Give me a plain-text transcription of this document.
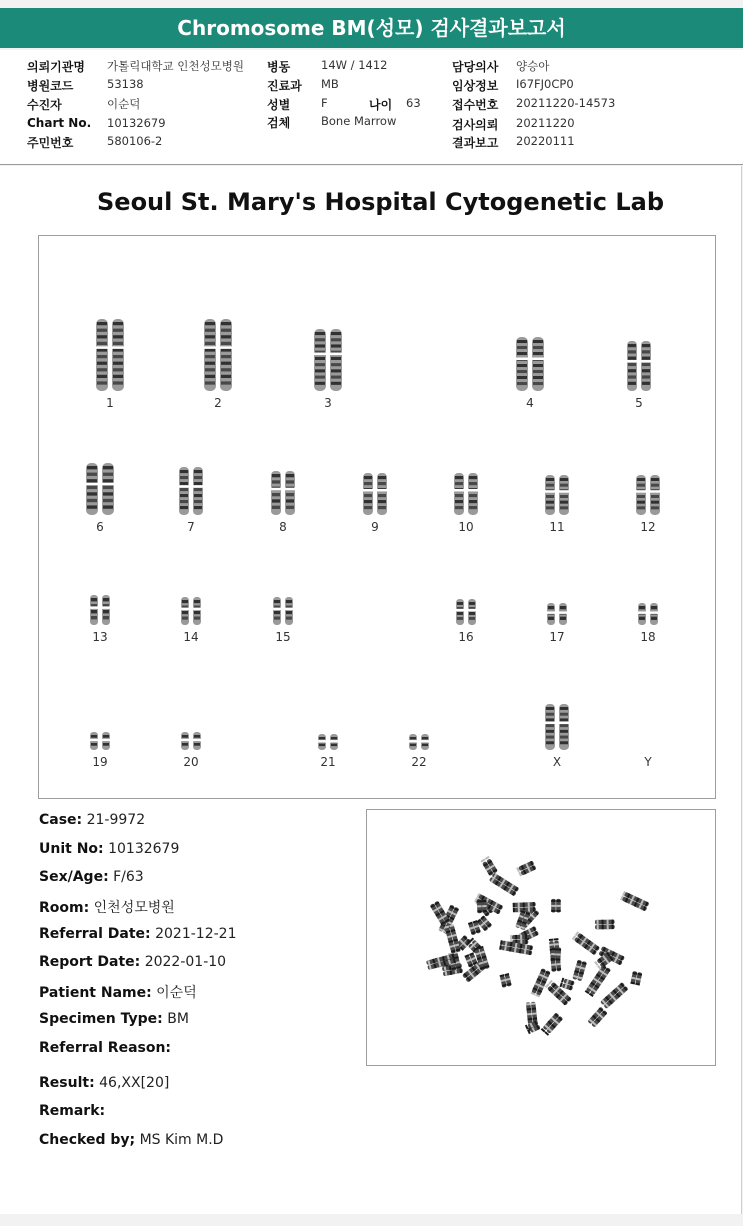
Chromosome BM(성모) 검사결과보고서
의뢰기관명 가톨릭대학교 인천성모병원
병원코드	53138
수진자	이순덕
Chart No. 10132679
주민번호	580106-2
병동	14W / 1412
진료과 MB
성별	F	나이 63
검체	Bone Marrow
담당의사 양승아
임상정보 I67FJ0CP0
접수번호 20211220-14573
검사의뢰 20211220
결과보고 20220111
Seoul St. Mary's Hospital Cytogenetic Lab
1	2	3	4	5
6	7	8	9	10	11	12
13	14	15	16	17	18
19	20	21	22	X	Y
Case: 21-9972
Unit No: 10132679
Sex/Age: F/63
Room: 인천성모병원
Referral Date: 2021-12-21
Report Date: 2022-01-10
Patient Name: 이순덕
Specimen Type: BM
Referral Reason:
Result: 46,XX[20]
Remark:
Checked by; MS Kim M.D
